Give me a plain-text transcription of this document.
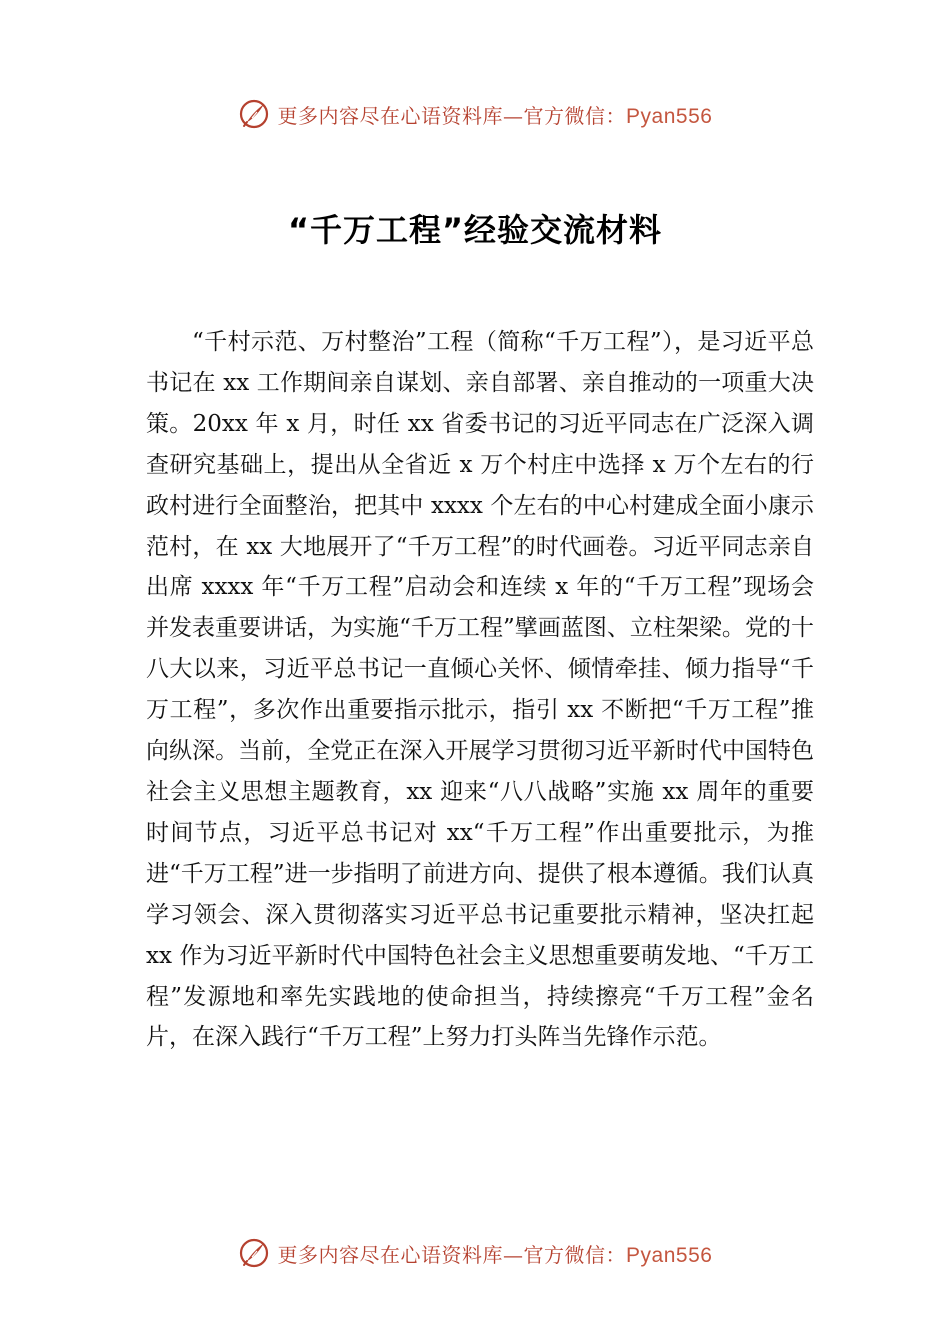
更多内容尽在心语资料库—官方微信：Pyan556
“千万工程”经验交流材料

“千村示范、万村整治”工程（简称“千万工程”），是习近平总书记在 xx 工作期间亲自谋划、亲自部署、亲自推动的一项重大决策。20xx 年 x 月，时任 xx 省委书记的习近平同志在广泛深入调查研究基础上，提出从全省近 x 万个村庄中选择 x 万个左右的行政村进行全面整治，把其中 xxxx 个左右的中心村建成全面小康示范村，在 xx 大地展开了“千万工程”的时代画卷。习近平同志亲自出席 xxxx 年“千万工程”启动会和连续 x 年的“千万工程”现场会并发表重要讲话，为实施“千万工程”擘画蓝图、立柱架梁。党的十八大以来，习近平总书记一直倾心关怀、倾情牵挂、倾力指导“千万工程”，多次作出重要指示批示，指引 xx 不断把“千万工程”推向纵深。当前，全党正在深入开展学习贯彻习近平新时代中国特色社会主义思想主题教育，xx 迎来“八八战略”实施 xx 周年的重要时间节点，习近平总书记对 xx“千万工程”作出重要批示，为推进“千万工程”进一步指明了前进方向、提供了根本遵循。我们认真学习领会、深入贯彻落实习近平总书记重要批示精神，坚决扛起 xx 作为习近平新时代中国特色社会主义思想重要萌发地、“千万工程”发源地和率先实践地的使命担当，持续擦亮“千万工程”金名片，在深入践行“千万工程”上努力打头阵当先锋作示范。

更多内容尽在心语资料库—官方微信：Pyan556
